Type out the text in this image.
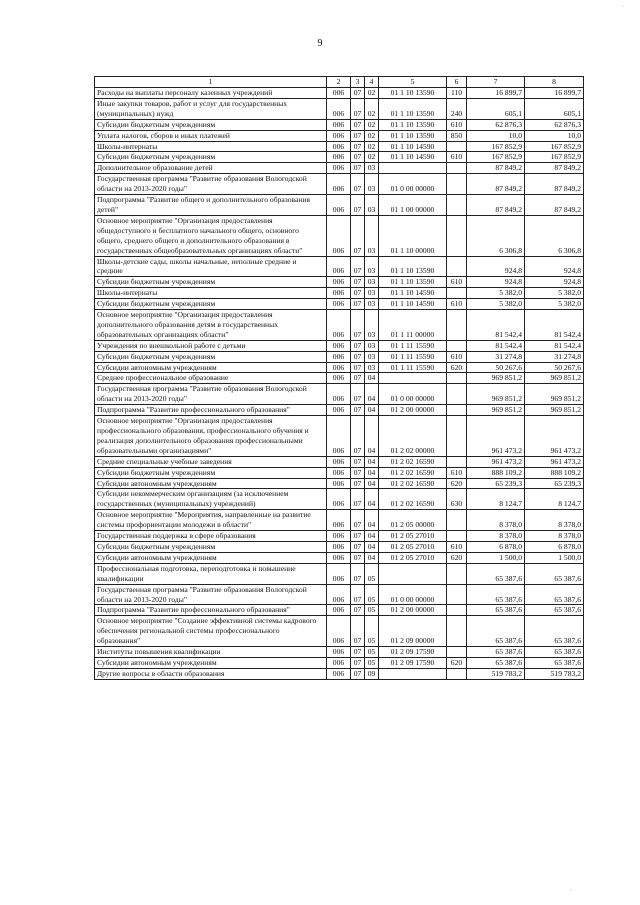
9
1	2	3	4	5	6	7	8
Расходы на выплаты персоналу казенных учреждений	006	07	02	01 1 10 13590	110	16 899,7	16 899,7
Иные закупки товаров, работ и услуг для государственных (муниципальных) нужд	006	07	02	01 1 10 13590	240	605,1	605,1
Субсидии бюджетным учреждениям	006	07	02	01 1 10 13590	610	62 876,3	62 876,3
Уплата налогов, сборов и иных платежей	006	07	02	01 1 10 13590	850	10,0	10,0
Школы-интернаты	006	07	02	01 1 10 14590		167 852,9	167 852,9
Субсидии бюджетным учреждениям	006	07	02	01 1 10 14590	610	167 852,9	167 852,9
Дополнительное образование детей	006	07	03			87 849,2	87 849,2
Государственная программа "Развитие образования Вологодской области на 2013-2020 годы"	006	07	03	01 0 00 00000		87 849,2	87 849,2
Подпрограмма "Развитие общего и дополнительного образования детей"	006	07	03	01 1 00 00000		87 849,2	87 849,2
Основное мероприятие "Организация предоставления общедоступного и бесплатного начального общего, основного общего, среднего общего и дополнительного образования в государственных общеобразовательных организациях области"	006	07	03	01 1 10 00000		6 306,8	6 306,8
Школы-детские сады, школы начальные, неполные средние и средние	006	07	03	01 1 10 13590		924,8	924,8
Субсидии бюджетным учреждениям	006	07	03	01 1 10 13590	610	924,8	924,8
Школы-интернаты	006	07	03	01 1 10 14590		5 382,0	5 382,0
Субсидии бюджетным учреждениям	006	07	03	01 1 10 14590	610	5 382,0	5 382,0
Основное мероприятие "Организация предоставления дополнительного образования детям в государственных образовательных организациях области"	006	07	03	01 1 11 00000		81 542,4	81 542,4
Учреждения по внешкольной работе с детьми	006	07	03	01 1 11 15590		81 542,4	81 542,4
Субсидии бюджетным учреждениям	006	07	03	01 1 11 15590	610	31 274,8	31 274,8
Субсидии автономным учреждениям	006	07	03	01 1 11 15590	620	50 267,6	50 267,6
Среднее профессиональное образование	006	07	04			969 851,2	969 851,2
Государственная программа "Развитие образования Вологодской области на 2013-2020 годы"	006	07	04	01 0 00 00000		969 851,2	969 851,2
Подпрограмма "Развитие профессионального образования"	006	07	04	01 2 00 00000		969 851,2	969 851,2
Основное мероприятие "Организация предоставления профессионального образования, профессионального обучения и реализация дополнительного образования профессиональными образовательными организациями"	006	07	04	01 2 02 00000		961 473,2	961 473,2
Средние специальные учебные заведения	006	07	04	01 2 02 16590		961 473,2	961 473,2
Субсидии бюджетным учреждениям	006	07	04	01 2 02 16590	610	888 109,2	888 109,2
Субсидии автономным учреждениям	006	07	04	01 2 02 16590	620	65 239,3	65 239,3
Субсидии некоммерческим организациям (за исключением государственных (муниципальных) учреждений)	006	07	04	01 2 02 16590	630	8 124,7	8 124,7
Основное мероприятие "Мероприятия, направленные на развитие системы профориентации молодежи в области"	006	07	04	01 2 05 00000		8 378,0	8 378,0
Государственная поддержка в сфере образования	006	07	04	01 2 05 27010		8 378,0	8 378,0
Субсидии бюджетным учреждениям	006	07	04	01 2 05 27010	610	6 878,0	6 878,0
Субсидии автономным учреждениям	006	07	04	01 2 05 27010	620	1 500,0	1 500,0
Профессиональная подготовка, переподготовка и повышение квалификации	006	07	05			65 387,6	65 387,6
Государственная программа "Развитие образования Вологодской области на 2013-2020 годы"	006	07	05	01 0 00 00000		65 387,6	65 387,6
Подпрограмма "Развитие профессионального образования"	006	07	05	01 2 00 00000		65 387,6	65 387,6
Основное мероприятие "Создание эффективной системы кадрового обеспечения региональной системы профессионального образования"	006	07	05	01 2 09 00000		65 387,6	65 387,6
Институты повышения квалификации	006	07	05	01 2 09 17590		65 387,6	65 387,6
Субсидии автономным учреждениям	006	07	05	01 2 09 17590	620	65 387,6	65 387,6
Другие вопросы в области образования	006	07	09			519 783,2	519 783,2
·
·
